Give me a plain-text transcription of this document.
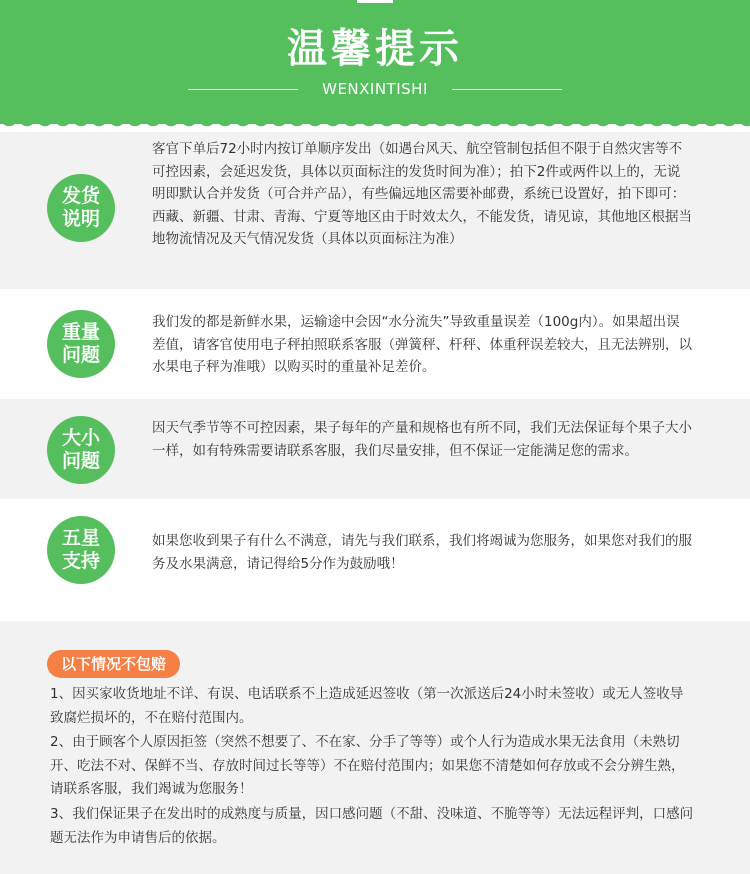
温馨提示
WENXINTISHI
发货
说明
客官下单后72小时内按订单顺序发出（如遇台风天、航空管制包括但不限于自然灾害等不可控因素，会延迟发货，具体以页面标注的发货时间为准）；拍下2件或两件以上的，无说明即默认合并发货（可合并产品），有些偏远地区需要补邮费，系统已设置好，拍下即可：西藏、新疆、甘肃、青海、宁夏等地区由于时效太久，不能发货，请见谅，其他地区根据当地物流情况及天气情况发货（具体以页面标注为准）
重量
问题
我们发的都是新鲜水果，运输途中会因“水分流失”导致重量误差（100g内）。如果超出误差值，请客官使用电子秤拍照联系客服（弹簧秤、杆秤、体重秤误差较大，且无法辨别，以水果电子秤为准哦）以购买时的重量补足差价。
大小
问题
因天气季节等不可控因素，果子每年的产量和规格也有所不同，我们无法保证每个果子大小一样，如有特殊需要请联系客服，我们尽量安排，但不保证一定能满足您的需求。
五星
支持
如果您收到果子有什么不满意，请先与我们联系，我们将竭诚为您服务，如果您对我们的服务及水果满意，请记得给5分作为鼓励哦！
以下情况不包赔
1、因买家收货地址不详、有误、电话联系不上造成延迟签收（第一次派送后24小时未签收）或无人签收导致腐烂损坏的，不在赔付范围内。
2、由于顾客个人原因拒签（突然不想要了、不在家、分手了等等）或个人行为造成水果无法食用（未熟切开、吃法不对、保鲜不当、存放时间过长等等）不在赔付范围内；如果您不清楚如何存放或不会分辨生熟，请联系客服，我们竭诚为您服务！
3、我们保证果子在发出时的成熟度与质量，因口感问题（不甜、没味道、不脆等等）无法远程评判，口感问题无法作为申请售后的依据。
